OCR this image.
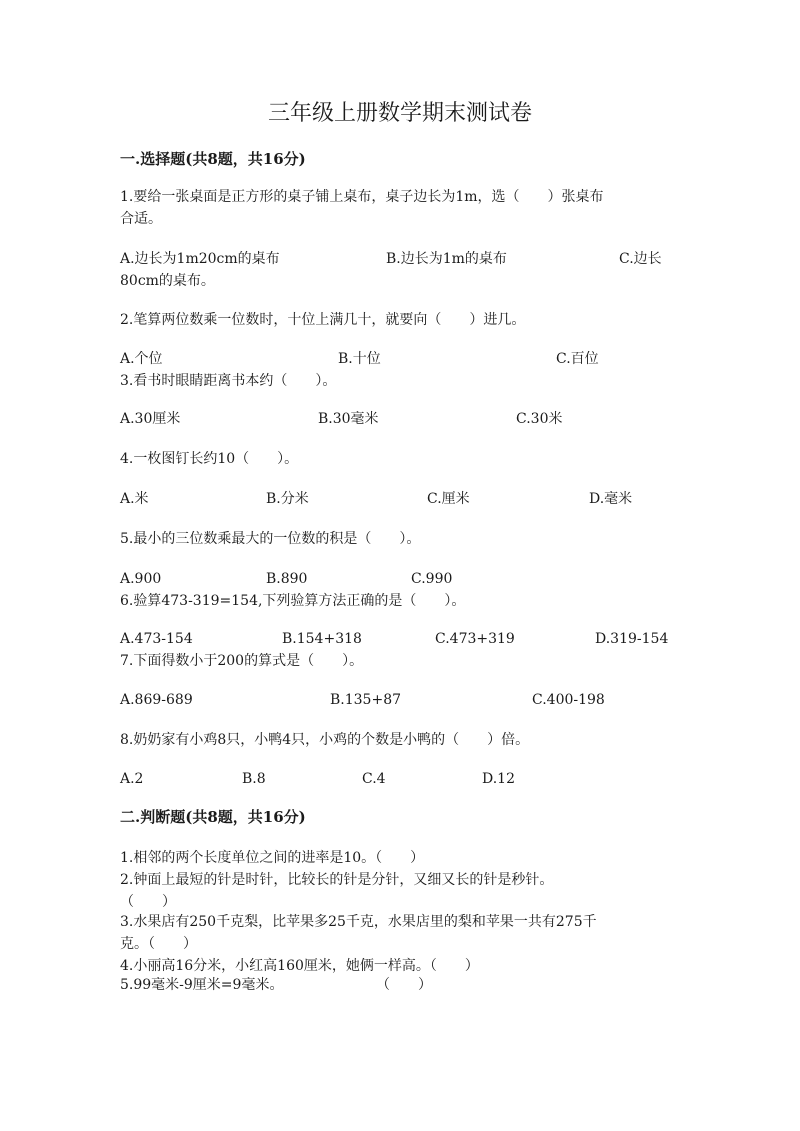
三年级上册数学期末测试卷
一.选择题(共8题，共16分)
1.要给一张桌面是正方形的桌子铺上桌布，桌子边长为1m，选（　　）张桌布
合适。
A.边长为1m20cm的桌布	B.边长为1m的桌布	C.边长
80cm的桌布。
2.笔算两位数乘一位数时，十位上满几十，就要向（　　）进几。
A.个位	B.十位	C.百位
3.看书时眼睛距离书本约（　　）。
A.30厘米	B.30毫米	C.30米
4.一枚图钉长约10（　　）。
A.米	B.分米	C.厘米	D.毫米
5.最小的三位数乘最大的一位数的积是（　　）。
A.900	B.890	C.990
6.验算473-319=154,下列验算方法正确的是（　　）。
A.473-154	B.154+318	C.473+319	D.319-154
7.下面得数小于200的算式是（　　）。
A.869-689	B.135+87	C.400-198
8.奶奶家有小鸡8只，小鸭4只，小鸡的个数是小鸭的（　　）倍。
A.2	B.8	C.4	D.12
二.判断题(共8题，共16分)
1.相邻的两个长度单位之间的进率是10。（　　）
2.钟面上最短的针是时针，比较长的针是分针，又细又长的针是秒针。
（　　）
3.水果店有250千克梨，比苹果多25千克，水果店里的梨和苹果一共有275千
克。（　　）
4.小丽高16分米，小红高160厘米，她俩一样高。（　　）
5.99毫米-9厘米=9毫米。	（　　）
